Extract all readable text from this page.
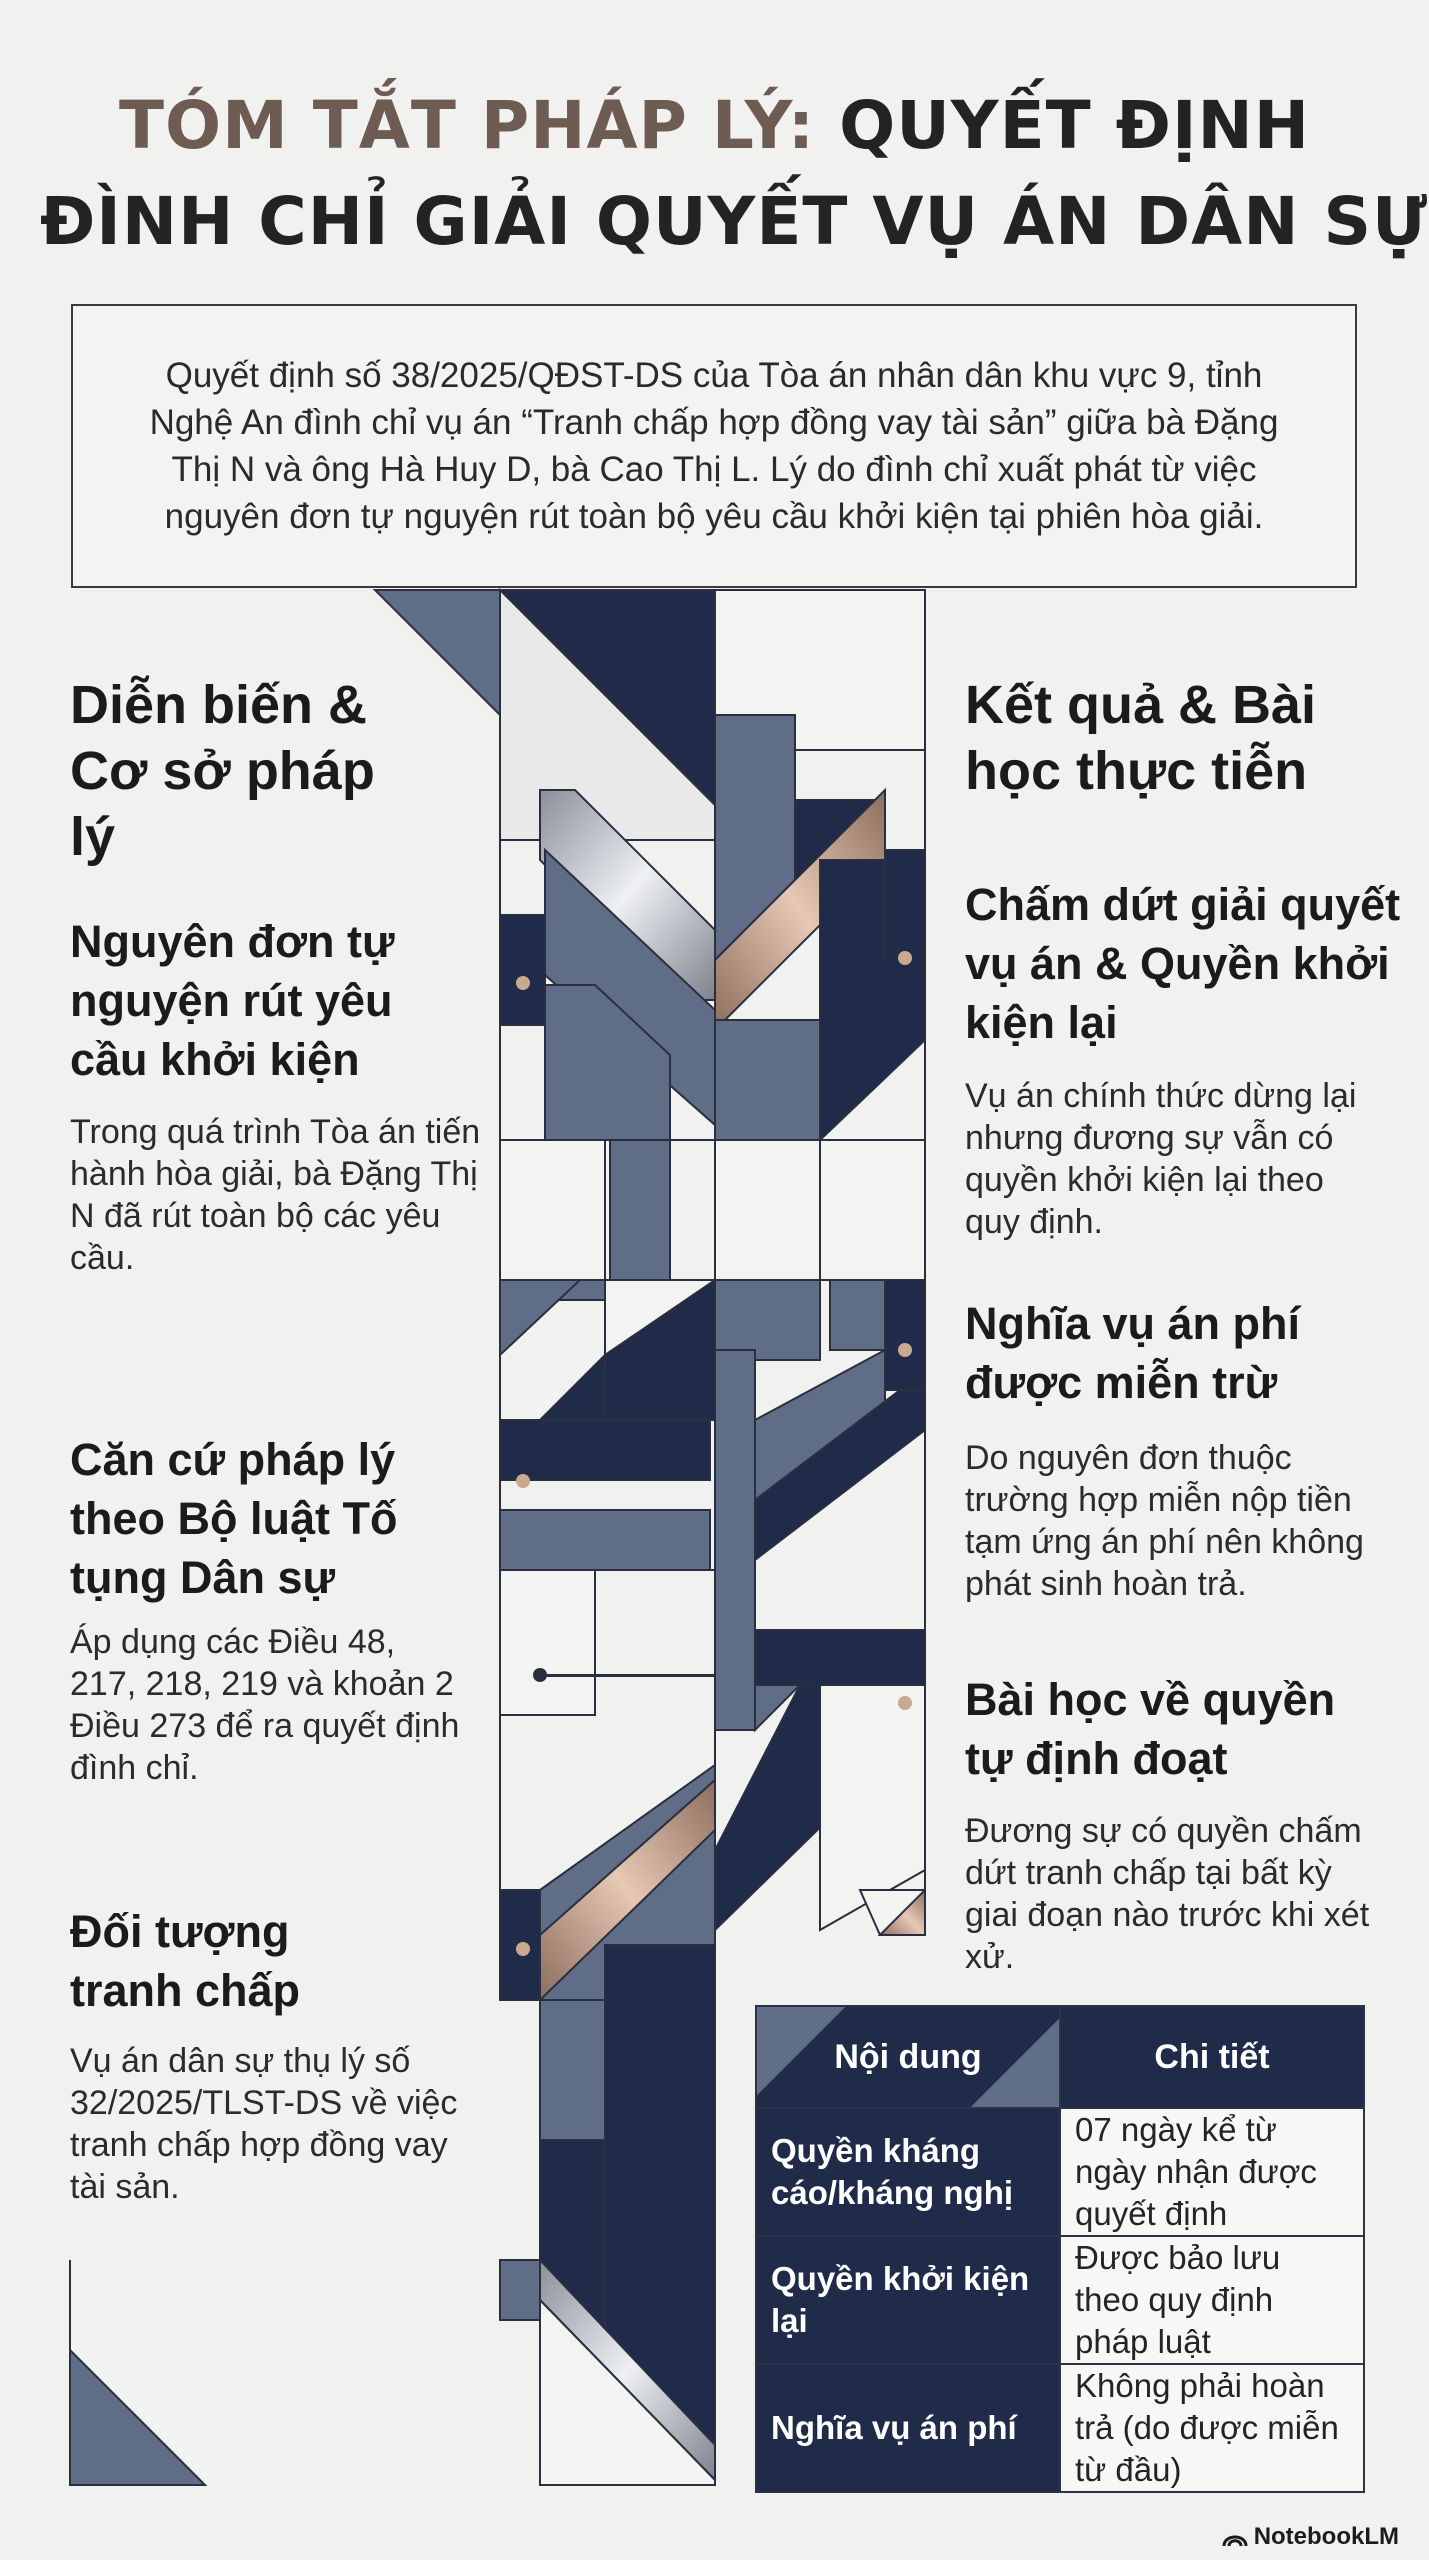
TÓM TẮT PHÁP LÝ: QUYẾT ĐỊNH
ĐÌNH CHỈ GIẢI QUYẾT VỤ ÁN DÂN SỰ

Quyết định số 38/2025/QĐST-DS của Tòa án nhân dân khu vực 9, tỉnh Nghệ An đình chỉ vụ án “Tranh chấp hợp đồng vay tài sản” giữa bà Đặng Thị N và ông Hà Huy D, bà Cao Thị L. Lý do đình chỉ xuất phát từ việc nguyên đơn tự nguyện rút toàn bộ yêu cầu khởi kiện tại phiên hòa giải.

Diễn biến & Cơ sở pháp lý
Nguyên đơn tự nguyện rút yêu cầu khởi kiện

Trong quá trình Tòa án tiến hành hòa giải, bà Đặng Thị N đã rút toàn bộ các yêu cầu.

Căn cứ pháp lý theo Bộ luật Tố tụng Dân sự

Áp dụng các Điều 48, 217, 218, 219 và khoản 2 Điều 273 để ra quyết định đình chỉ.

Đối tượng tranh chấp

Vụ án dân sự thụ lý số 32/2025/TLST-DS về việc tranh chấp hợp đồng vay tài sản.

Kết quả & Bài học thực tiễn
Chấm dứt giải quyết vụ án & Quyền khởi kiện lại

Vụ án chính thức dừng lại nhưng đương sự vẫn có quyền khởi kiện lại theo quy định.

Nghĩa vụ án phí được miễn trừ

Do nguyên đơn thuộc trường hợp miễn nộp tiền tạm ứng án phí nên không phát sinh hoàn trả.

Bài học về quyền tự định đoạt

Đương sự có quyền chấm dứt tranh chấp tại bất kỳ giai đoạn nào trước khi xét xử.

Nội dung	Chi tiết
Quyền kháng cáo/kháng nghị	07 ngày kể từ ngày nhận được quyết định
Quyền khởi kiện lại	Được bảo lưu theo quy định pháp luật
Nghĩa vụ án phí	Không phải hoàn trả (do được miễn từ đầu)
NotebookLM
